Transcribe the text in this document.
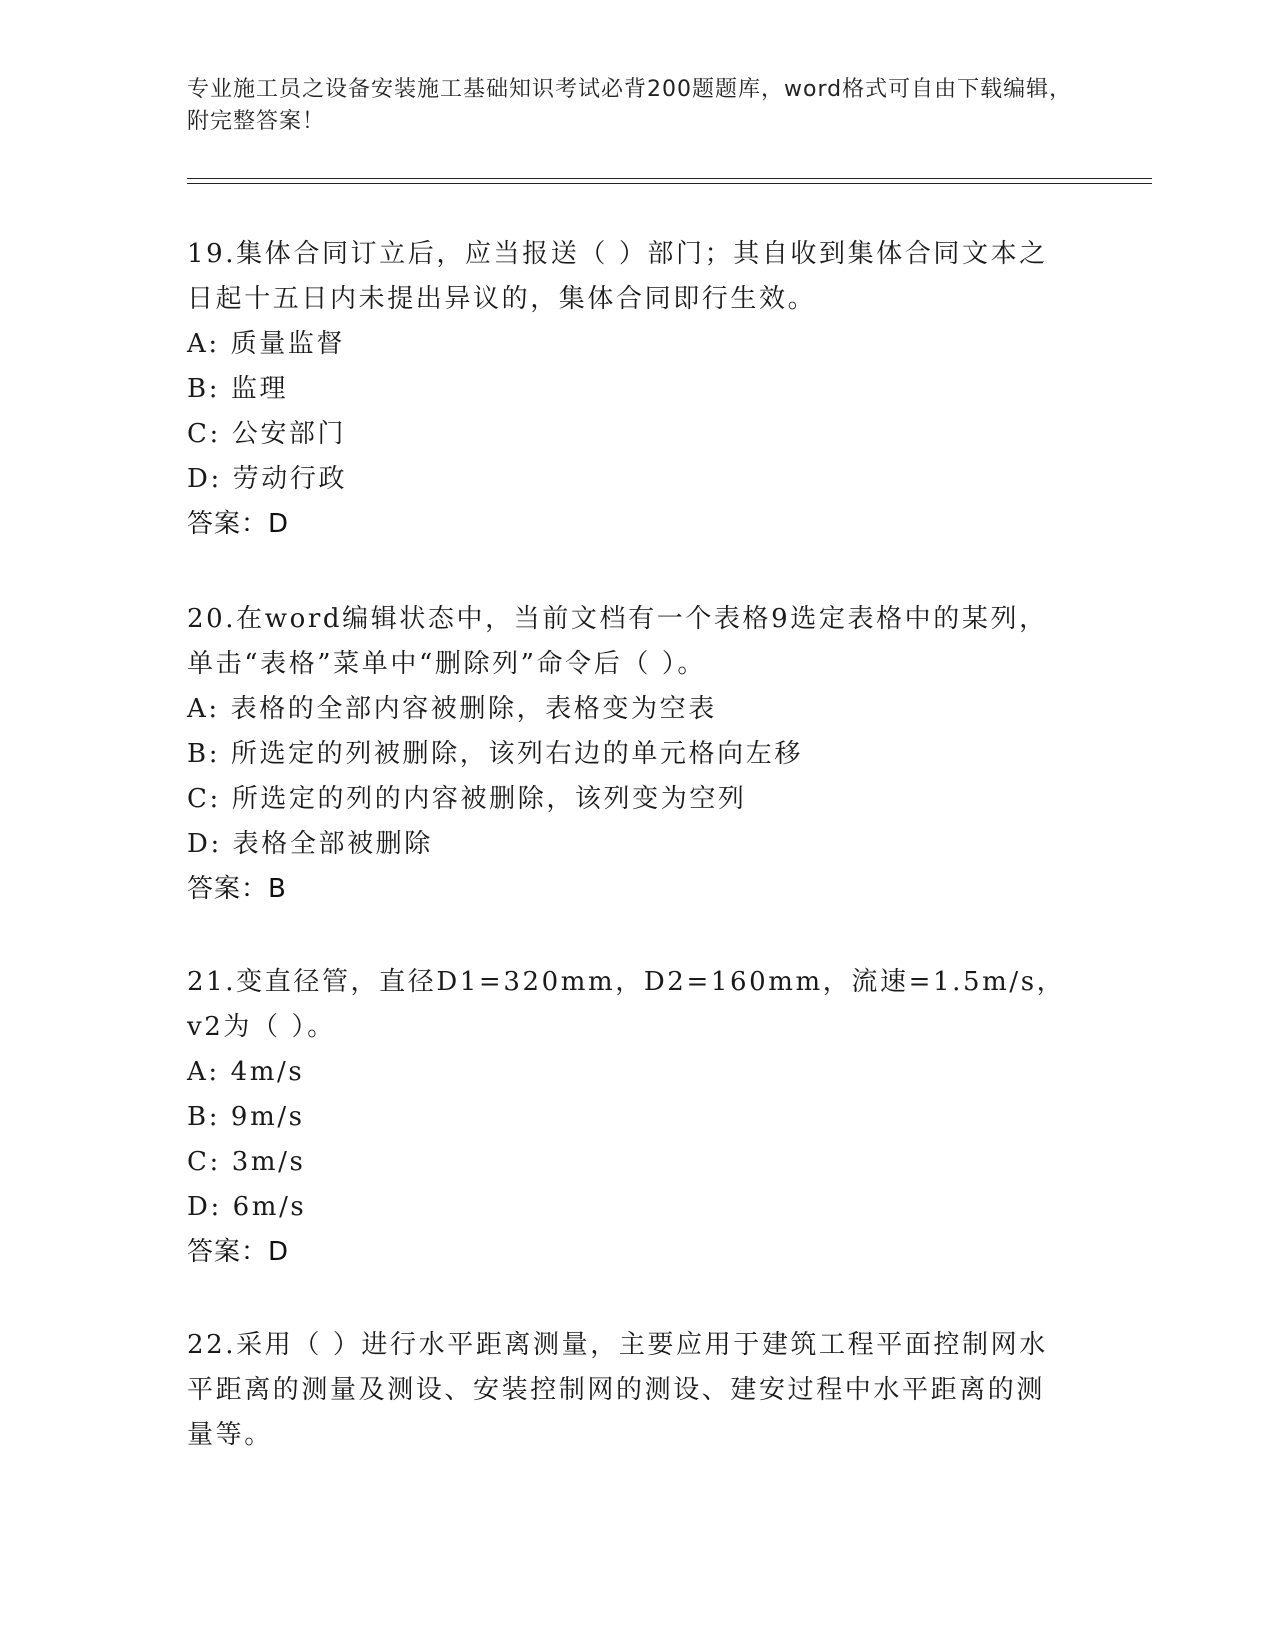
专业施工员之设备安装施工基础知识考试必背200题题库，word格式可自由下载编辑，附完整答案！

19.集体合同订立后，应当报送（ ）部门；其自收到集体合同文本之日起十五日内未提出异议的，集体合同即行生效。

A: 质量监督

B: 监理

C: 公安部门

D: 劳动行政

答案：D

20.在word编辑状态中，当前文档有一个表格9选定表格中的某列，单击“表格”菜单中“删除列”命令后（ ）。

A: 表格的全部内容被删除，表格变为空表

B: 所选定的列被删除，该列右边的单元格向左移

C: 所选定的列的内容被删除，该列变为空列

D: 表格全部被删除

答案：B

21.变直径管，直径D1=320mm，D2=160mm，流速=1.5m/s，v2为（ ）。

A: 4m/s

B: 9m/s

C: 3m/s

D: 6m/s

答案：D

22.采用（ ）进行水平距离测量，主要应用于建筑工程平面控制网水平距离的测量及测设、安装控制网的测设、建安过程中水平距离的测量等。
